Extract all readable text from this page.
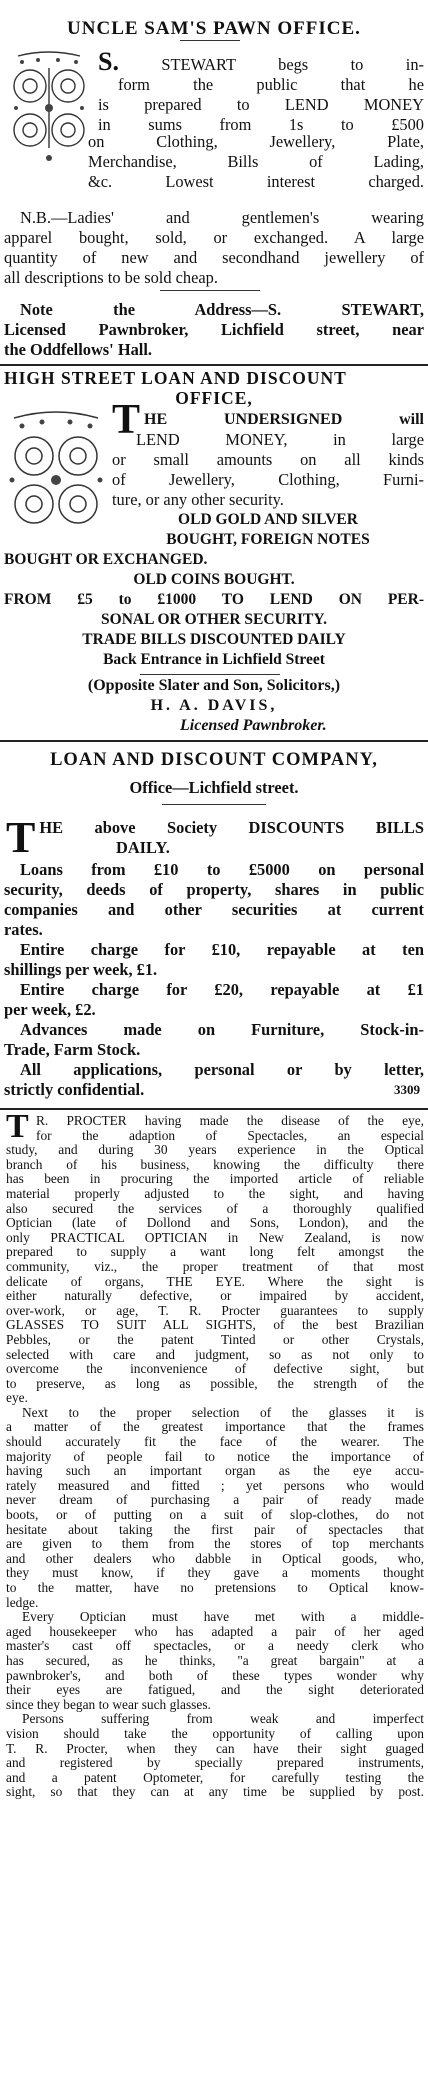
UNCLE SAM'S PAWN OFFICE.
S.	STEWART begs to in-
form the public that he
is prepared to LEND MONEY
in sums from 1s to £500
on Clothing, Jewellery, Plate,
Merchandise, Bills of Lading,
&c. Lowest interest charged.
N.B.—Ladies' and gentlemen's wearing
apparel bought, sold, or exchanged. A large
quantity of new and secondhand jewellery of
all descriptions to be sold cheap.
Note the Address—S. STEWART,
Licensed Pawnbroker, Lichfield street, near
the Oddfellows' Hall.
HIGH STREET LOAN AND DISCOUNT
OFFICE,
THE UNDERSIGNED will
LEND MONEY, in large
or small amounts on all kinds
of Jewellery, Clothing, Furni-
ture, or any other security.
OLD GOLD AND SILVER
BOUGHT, FOREIGN NOTES
BOUGHT OR EXCHANGED.
OLD COINS BOUGHT.
FROM £5 to £1000 TO LEND ON PER-
SONAL OR OTHER SECURITY.
TRADE BILLS DISCOUNTED DAILY
Back Entrance in Lichfield Street
(Opposite Slater and Son, Solicitors,)
H. A. DAVIS,
Licensed Pawnbroker.
LOAN AND DISCOUNT COMPANY,
Office—Lichfield street.
T HE above Society DISCOUNTS BILLS
DAILY.
Loans from £10 to £5000 on personal
security, deeds of property, shares in public
companies and other securities at current
rates.
Entire charge for £10, repayable at ten
shillings per week, £1.
Entire charge for £20, repayable at £1
per week, £2.
Advances made on Furniture, Stock-in-
Trade, Farm Stock.
All applications, personal or by letter,
strictly confidential.	3309
T R. PROCTER having made the disease of the eye,
for the adaption of Spectacles, an especial
study, and during 30 years experience in the Optical
branch of his business, knowing the difficulty there
has been in procuring the imported article of reliable
material properly adjusted to the sight, and having
also secured the services of a thoroughly qualified
Optician (late of Dollond and Sons, London), and the
only PRACTICAL OPTICIAN in New Zealand, is now
prepared to supply a want long felt amongst the
community, viz., the proper treatment of that most
delicate of organs, THE EYE. Where the sight is
either naturally defective, or impaired by accident,
over-work, or age, T. R. Procter guarantees to supply
GLASSES TO SUIT ALL SIGHTS, of the best Brazilian
Pebbles, or the patent Tinted or other Crystals,
selected with care and judgment, so as not only to
overcome the inconvenience of defective sight, but
to preserve, as long as possible, the strength of the
eye.
Next to the proper selection of the glasses it is
a matter of the greatest importance that the frames
should accurately fit the face of the wearer. The
majority of people fail to notice the importance of
having such an important organ as the eye accu-
rately measured and fitted ; yet persons who would
never dream of purchasing a pair of ready made
boots, or of putting on a suit of slop-clothes, do not
hesitate about taking the first pair of spectacles that
are given to them from the stores of top merchants
and other dealers who dabble in Optical goods, who,
they must know, if they gave a moments thought
to the matter, have no pretensions to Optical know-
ledge.
Every Optician must have met with a middle-
aged housekeeper who has adapted a pair of her aged
master's cast off spectacles, or a needy clerk who
has secured, as he thinks, "a great bargain" at a
pawnbroker's, and both of these types wonder why
their eyes are fatigued, and the sight deteriorated
since they began to wear such glasses.
Persons suffering from weak and imperfect
vision should take the opportunity of calling upon
T. R. Procter, when they can have their sight guaged
and registered by specially prepared instruments,
and a patent Optometer, for carefully testing the
sight, so that they can at any time be supplied by post.
